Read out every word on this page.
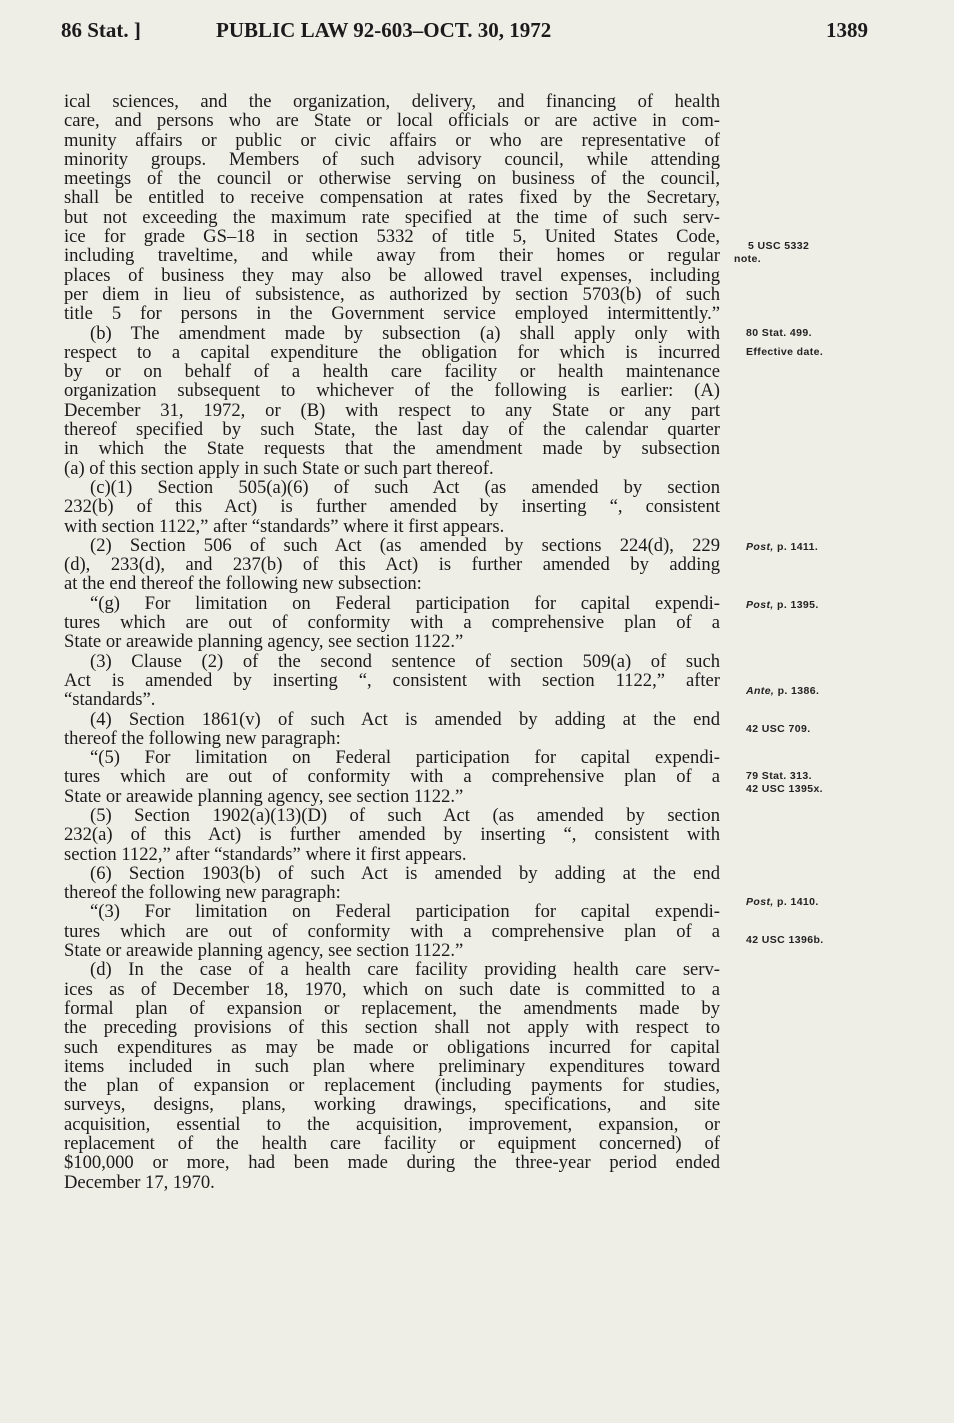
86 Stat. ]	PUBLIC LAW 92-603–OCT. 30, 1972	1389
ical sciences, and the organization, delivery, and financing of health
care, and persons who are State or local officials or are active in com-
munity affairs or public or civic affairs or who are representative of
minority groups. Members of such advisory council, while attending
meetings of the council or otherwise serving on business of the council,
shall be entitled to receive compensation at rates fixed by the Secretary,
but not exceeding the maximum rate specified at the time of such serv-
ice for grade GS–18 in section 5332 of title 5, United States Code,
including traveltime, and while away from their homes or regular
places of business they may also be allowed travel expenses, including
per diem in lieu of subsistence, as authorized by section 5703(b) of such
title 5 for persons in the Government service employed intermittently.”
(b) The amendment made by subsection (a) shall apply only with
respect to a capital expenditure the obligation for which is incurred
by or on behalf of a health care facility or health maintenance
organization subsequent to whichever of the following is earlier: (A)
December 31, 1972, or (B) with respect to any State or any part
thereof specified by such State, the last day of the calendar quarter
in which the State requests that the amendment made by subsection
(a) of this section apply in such State or such part thereof.
(c)(1) Section 505(a)(6) of such Act (as amended by section
232(b) of this Act) is further amended by inserting “, consistent
with section 1122,” after “standards” where it first appears.
(2) Section 506 of such Act (as amended by sections 224(d), 229
(d), 233(d), and 237(b) of this Act) is further amended by adding
at the end thereof the following new subsection:
“(g) For limitation on Federal participation for capital expendi-
tures which are out of conformity with a comprehensive plan of a
State or areawide planning agency, see section 1122.”
(3) Clause (2) of the second sentence of section 509(a) of such
Act is amended by inserting “, consistent with section 1122,” after
“standards”.
(4) Section 1861(v) of such Act is amended by adding at the end
thereof the following new paragraph:
“(5) For limitation on Federal participation for capital expendi-
tures which are out of conformity with a comprehensive plan of a
State or areawide planning agency, see section 1122.”
(5) Section 1902(a)(13)(D) of such Act (as amended by section
232(a) of this Act) is further amended by inserting “, consistent with
section 1122,” after “standards” where it first appears.
(6) Section 1903(b) of such Act is amended by adding at the end
thereof the following new paragraph:
“(3) For limitation on Federal participation for capital expendi-
tures which are out of conformity with a comprehensive plan of a
State or areawide planning agency, see section 1122.”
(d) In the case of a health care facility providing health care serv-
ices as of December 18, 1970, which on such date is committed to a
formal plan of expansion or replacement, the amendments made by
the preceding provisions of this section shall not apply with respect to
such expenditures as may be made or obligations incurred for capital
items included in such plan where preliminary expenditures toward
the plan of expansion or replacement (including payments for studies,
surveys, designs, plans, working drawings, specifications, and site
acquisition, essential to the acquisition, improvement, expansion, or
replacement of the health care facility or equipment concerned) of
$100,000 or more, had been made during the three-year period ended
December 17, 1970.
5 USC 5332
note.
80 Stat. 499.
Effective date.
Post, p. 1411.
Post, p. 1395.
Ante, p. 1386.
42 USC 709.
79 Stat. 313.
42 USC 1395x.
Post, p. 1410.
42 USC 1396b.
